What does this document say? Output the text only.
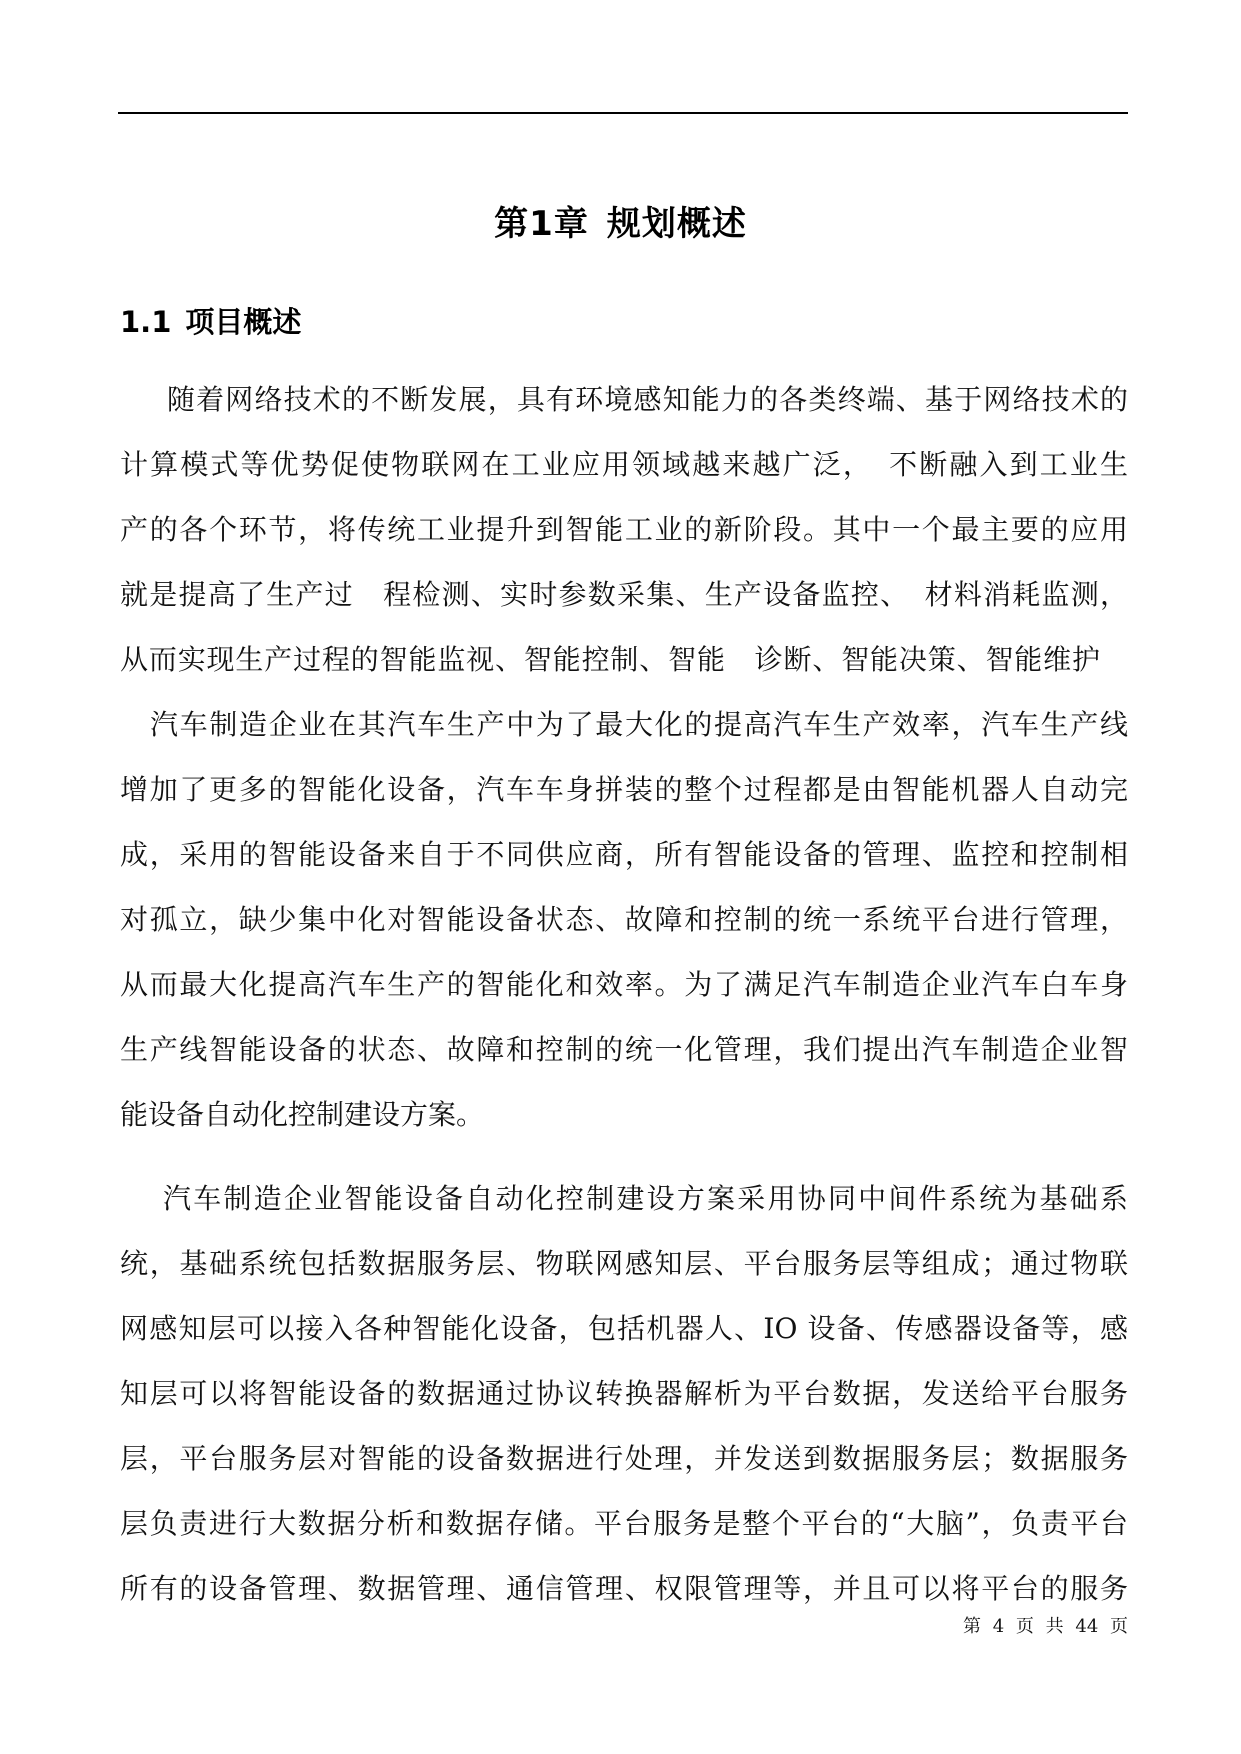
第1章 规划概述
1.1 项目概述
随着网络技术的不断发展，具有环境感知能力的各类终端、基于网络技术的
计算模式等优势促使物联网在工业应用领域越来越广泛，　不断融入到工业生
产的各个环节，将传统工业提升到智能工业的新阶段。其中一个最主要的应用
就是提高了生产过　程检测、实时参数采集、生产设备监控、　材料消耗监测，
从而实现生产过程的智能监视、智能控制、智能　诊断、智能决策、智能维护
汽车制造企业在其汽车生产中为了最大化的提高汽车生产效率，汽车生产线
增加了更多的智能化设备，汽车车身拼装的整个过程都是由智能机器人自动完
成，采用的智能设备来自于不同供应商，所有智能设备的管理、监控和控制相
对孤立，缺少集中化对智能设备状态、故障和控制的统一系统平台进行管理，
从而最大化提高汽车生产的智能化和效率。为了满足汽车制造企业汽车白车身
生产线智能设备的状态、故障和控制的统一化管理，我们提出汽车制造企业智
能设备自动化控制建设方案。
汽车制造企业智能设备自动化控制建设方案采用协同中间件系统为基础系
统，基础系统包括数据服务层、物联网感知层、平台服务层等组成；通过物联
网感知层可以接入各种智能化设备，包括机器人、IO 设备、传感器设备等，感
知层可以将智能设备的数据通过协议转换器解析为平台数据，发送给平台服务
层，平台服务层对智能的设备数据进行处理，并发送到数据服务层；数据服务
层负责进行大数据分析和数据存储。平台服务是整个平台的“大脑”，负责平台
所有的设备管理、数据管理、通信管理、权限管理等，并且可以将平台的服务
第 4 页 共 44 页
